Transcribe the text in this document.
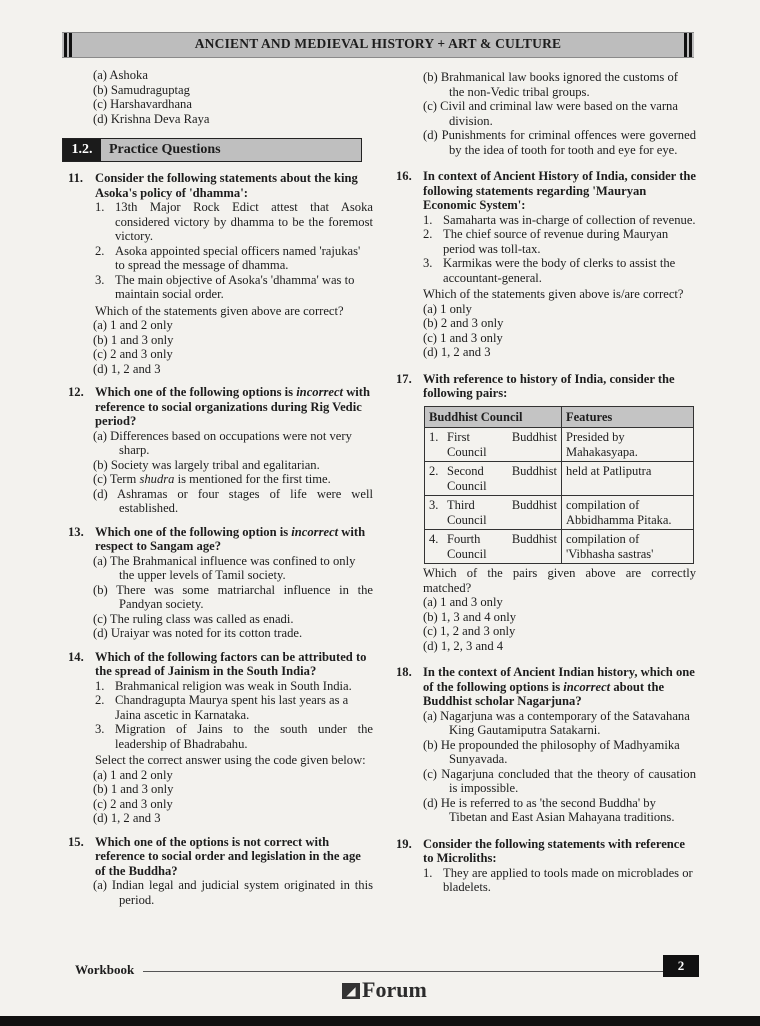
ANCIENT AND MEDIEVAL HISTORY + ART & CULTURE

(a) Ashoka

(b) Samudraguptag

(c) Harshavardhana

(d) Krishna Deva Raya

1.2.	Practice Questions
11. Consider the following statements about the king Asoka's policy of 'dhamma':
1. 13th Major Rock Edict attest that Asoka considered victory by dhamma to be the foremost victory.
2. Asoka appointed special officers named 'rajukas' to spread the message of dhamma.
3. The main objective of Asoka's 'dhamma' was to maintain social order.

Which of the statements given above are correct?

(a) 1 and 2 only

(b) 1 and 3 only

(c) 2 and 3 only

(d) 1, 2 and 3

12. Which one of the following options is incorrect with reference to social organizations during Rig Vedic period?

(a) Differences based on occupations were not very sharp.

(b) Society was largely tribal and egalitarian.

(c) Term shudra is mentioned for the first time.

(d) Ashramas or four stages of life were well established.

13. Which one of the following option is incorrect with respect to Sangam age?

(a) The Brahmanical influence was confined to only the upper levels of Tamil society.

(b) There was some matriarchal influence in the Pandyan society.

(c) The ruling class was called as enadi.

(d) Uraiyar was noted for its cotton trade.

14. Which of the following factors can be attributed to the spread of Jainism in the South India?
1. Brahmanical religion was weak in South India.
2. Chandragupta Maurya spent his last years as a Jaina ascetic in Karnataka.
3. Migration of Jains to the south under the leadership of Bhadrabahu.

Select the correct answer using the code given below:

(a) 1 and 2 only

(b) 1 and 3 only

(c) 2 and 3 only

(d) 1, 2 and 3

15. Which one of the options is not correct with reference to social order and legislation in the age of the Buddha?

(a) Indian legal and judicial system originated in this period.

(b) Brahmanical law books ignored the customs of the non-Vedic tribal groups.

(c) Civil and criminal law were based on the varna division.

(d) Punishments for criminal offences were governed by the idea of tooth for tooth and eye for eye.

16. In context of Ancient History of India, consider the following statements regarding 'Mauryan Economic System':
1. Samaharta was in-charge of collection of revenue.
2. The chief source of revenue during Mauryan period was toll-tax.
3. Karmikas were the body of clerks to assist the accountant-general.

Which of the statements given above is/are correct?

(a) 1 only

(b) 2 and 3 only

(c) 1 and 3 only

(d) 1, 2 and 3

17. With reference to history of India, consider the following pairs:
Buddhist Council	Features

1. First Buddhist
Council	Presided by Mahakasyapa.

2. Second Buddhist
Council	held at Patliputra

3. Third Buddhist
Council	compilation of Abbidhamma Pitaka.

4. Fourth Buddhist
Council	compilation of 'Vibhasha sastras'

Which of the pairs given above are correctly matched?

(a) 1 and 3 only

(b) 1, 3 and 4 only

(c) 1, 2 and 3 only

(d) 1, 2, 3 and 4

18. In the context of Ancient Indian history, which one of the following options is incorrect about the Buddhist scholar Nagarjuna?

(a) Nagarjuna was a contemporary of the Satavahana King Gautamiputra Satakarni.

(b) He propounded the philosophy of Madhyamika Sunyavada.

(c) Nagarjuna concluded that the theory of causation is impossible.

(d) He is referred to as 'the second Buddha' by Tibetan and East Asian Mahayana traditions.

19. Consider the following statements with reference to Microliths:
1. They are applied to tools made on microblades or bladelets.
Workbook	2
◢ Forum
